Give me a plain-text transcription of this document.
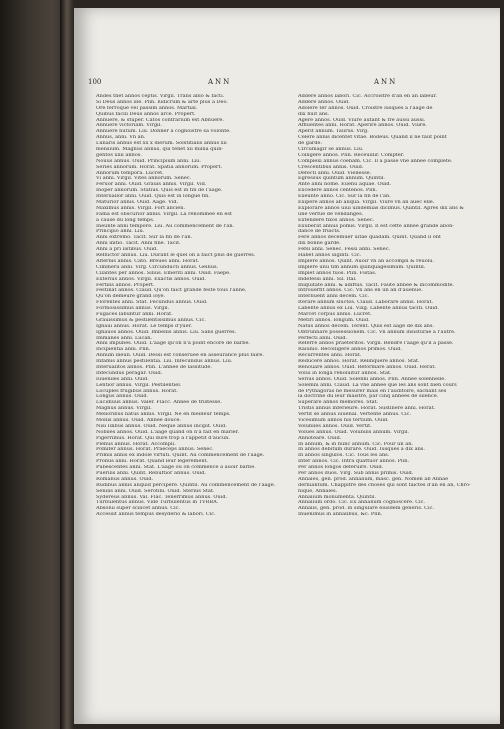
100	ANN	ANN
Andes thet annos ceptis. Virgil. Trans ablo & facti.
Si Deus annos ille. Plin. ludicrum & arte plus a Deo.
Ore ferroque vel passim annos. Martial.
Quibus facili Deus annos arce. Propert.
Annuere, & stuper. Catos contrarium est Abnuere.
Annuere victoriam. Virgil.
Annuere nutum. Liu. Donner a cognoistre sa volonte.
Annus, anni. Vn an.
Lunaris annus est xx x dierum. Solstitialis annus xii
mensium. Magnus annus, qui tenet xii millia quin-
gentos xliii annos.
Nouus annus. Ouid. Principium anni. Liu.
Series annorum. Horat. Spatia annorum. Propert.
Annorum tempora. Lucret.
Vi anni. Virgil. Vites annorum. Senec.
Feruor anni. Ouid. Grauis annis. Virgil. Vid.
Inoper annorum. Statius. Quis est in fin de l'aage.
Interuallor anni. Ouid. Quis est in longue fin.
Maturior annis. Ouid. Aage. Vid.
Maximus annis. Virgil. Fort ancien.
Fama est obscurior annis. Virgil. La renommee en est
a cause du long temps.
Ineunte anni tempore. Liu. Au commencement de l'an.
Principio anni. Liu.
Anni extremo. Tacit. Sur la fin de l'an.
Anni initio. Tacit. Anni fine. Tacit.
Anni a pri iistibus. Ouid.
Refluctor annus. Liu. Durant le quel on a faict plus de guerres.
Alternis annis. Cato. Breues anni. Horat.
Cimmerii anni. Virg. Circunducti annus. Gellius.
Cilantes per annos. Silius. Emeriti anni. Ouid. Faepe.
Exterius annos. Virgil. Exactis annos. Ouid.
Fertilis annos. Propert.
Festinat annos. Claud. Qu'on faict grande feste tous l'anne,
Qu'on demeure grand ioye.
Florentes anni. Stat. Fecundus annus. Ouid.
Formosissimus annus. Virgil.
Fugaces labuntur anni. Horat.
Grauissimus & pestilentissimus annus. Cic.
Ignaui annus. Horat. Le temps d'yuer.
Ignauos annos. Ouid. Imbellis annis. Liu. Sans guerres.
Immanes anni. Lucan.
Anni impubes. Ouid. L'aage qu'on n'a point encore de barbe.
Incipientia anni. Plin.
Annum ineun. Ouid. Dessi est conseruee en asseurance plus faire.
Infamis annus pestilentia. Liu. Infecundus annus. Liu.
Interualitos annos. Plin. L'annee de lassitude.
Infecundus peragar. Ouid.
Iuueniles anni. Ouid.
Lentior annus. Virgil. Pestilentiel.
Locuples frugibus annus. Horat.
Longus annus. Ouid.
Lucidiuus annus. Valer. Flacc. Annee de tristesse.
Magnus annus. Virgil.
Melioribus natus annis. Virgil. Ne en meilleur temps.
Mollis annus. Ouid. Annee douce.
Nisi Idibus annus. Ouid. Neque annus incipit. Ouid.
Nobiles annos. Ouid. L'aage quand on n'a fait en marier.
Pigerrimus. Horat. Qui dure trop a l'appetit d'aucun.
Plenus annus. Horat. Accompli.
Pomifer annus. Horat. Praeceps annus. Senec.
Primis annis ex indole virtuti. Quint. Au commencement de l'aage.
Pronus anni. Horat. Quand leur legerement.
Pubescentes anni. Stat. L'aage ou on commence a auoir barbe.
Puerilis anni. Quint. Rebuftior annus. Ouid.
Romanus annus. Ouid.
Rudibus annis aliquid percipere. Quintil. Au commencement de l'aage.
Senilis anni. Ouid. Serotini. Ouid. Sterilis Stat.
Sydereus annus. Val. Flac. Tenerrimus annus. Ouid.
Turbulentus annus. Vide Turbulentus in TVRBA.
Absolui super scilicet annus. Cic.
Accessit annus tempus desyderio & labori. Cic.
Addere annos labori. Cic. Accroistre d'an en an labeur.
Addere annos. Ouid.
Adolere ter annos. Ouid. Croistre iusques a l'aage de
dix huit ans.
Agere annos. Ouid. Viure autant & fre aussi aussi.
Affluentes anni. Horat. Aperire annos. Ouid. Viure.
Aperit annum. Taurus. Virg.
Celere annis dicentet vitae. Bodeus. Quand il ne faut point
de garde.
Circumagir se annus. Liu.
Colligere annos. Plin. Receuillir. Compter.
Complexi annus coenam. Cic. Il a passe vne annee complete.
Crescentibus annis. Ouid.
Defecti anni. Ouid. Viellesse.
Egressus quintum annum. Quintil.
Ante anni nome. Euenu aquae. Ouid.
Excedere annos centenos. Plin.
Exeunte anno. Cic. Sur la fin de l'an.
Exipere annos ab aliqua. Virgil. Viure vn an auec elle.
Explorare annos uiui uindemias dicimus. Quintil. Apres dix ans &
une verfue de vendanges.
Extendere fixos annos. Senec.
Exuberat annus pomis. Virgil. Il est cefte annee grande abon-
dance de fruicts.
Fere annos decemuer uitae quadam. Quint. Quand il ont
dix bonne garde.
Fefsi anni. Senec. Fessi anni. Senec.
Habet annos uiginti. Cic.
Implere annos. Quint. Auoir vn an accompli & reuolu.
Implere unu tim annum quinquagesimum. Quintil.
Implet annos tuos. Plin. Fistas.
Indefessi anni. Sil. Ital.
Iniquitate anni. & adiftus. Tacit. Faute annee & incommodite.
Introuerfit annos. Cic. Vn ans en un an d'auenue.
Interliuent anni decem. Cic.
Iterare annum sluctos. Claud. Laborare annis. Horat.
Labente annus ex Liu. Vixg. Labente annus taciti. Ouid.
Marcet corpus annis. Lucret.
Metiri annos. Iongum. Ouid.
Natus annos decem. Terent. Quis est aage de dix ans.
Obtrunnare possessionem. Cic. Vn annum insisturae a l'autre.
Perfecti anni. Ouid.
Referre annos praeteritos. Virgil. Rendre l'aage qu'il a passe.
Raiunio. Recolligere annos primos. Ouid.
Recurrentes anni. Horat.
Reducere annos. Horat. Relinquere annos. Stat.
Renouare annos. Ouid. Reformare annos. Ouid. Herat.
Volui in longa renoluitur annos. Stat.
Serius annos. Ouid. Solenni annos. Plin. Annee solennelle.
Solemni anni. Claud. La vne annee que les ans sont bien cours
de Pythagoras ne mesurer mais en l'auditoire, sachant ses
la doctrine du leur maistre, par cinq annees de silence.
Superare annos memores. Stat.
Tristis annus inferieure. Horat. Sustinere anni. Horat.
Vertit se annus iuuenal. Vertente annus. Cic.
Vicesimum annos his tertium. Ouid.
Volubiles annos. Ouid. Vertit.
Volues annus. Ouid. Volubilis annum. Virgil.
Annoteare. Ouid.
In annum, & in hunc annum. Cic. Pour un an.
In annos debitum durare. Ouid. Iusques a dix ans.
In annos singulos. Cic. Tous les ans.
Inter annos. Cic. Intra quattuor annos. Plin.
Per annos longos deferuire. Ouid.
Per annos duos. Virg. Sub annis primis. Ouid.
Annales, gen. prod. annalium, masc. gen. Nomen ab Annae
derniantum. Chappitre des choses qui sont faictes d'an en an, Chro-
nique, Annales.
Annalium monumenta. Quintil.
Annalium ordo. Cic. Ex annalium cognoscere. Cic.
Annalis, gen. prod. in singulare eiusdem generis. Cic.
Inuenimus in annalibus, &c. Plin.
